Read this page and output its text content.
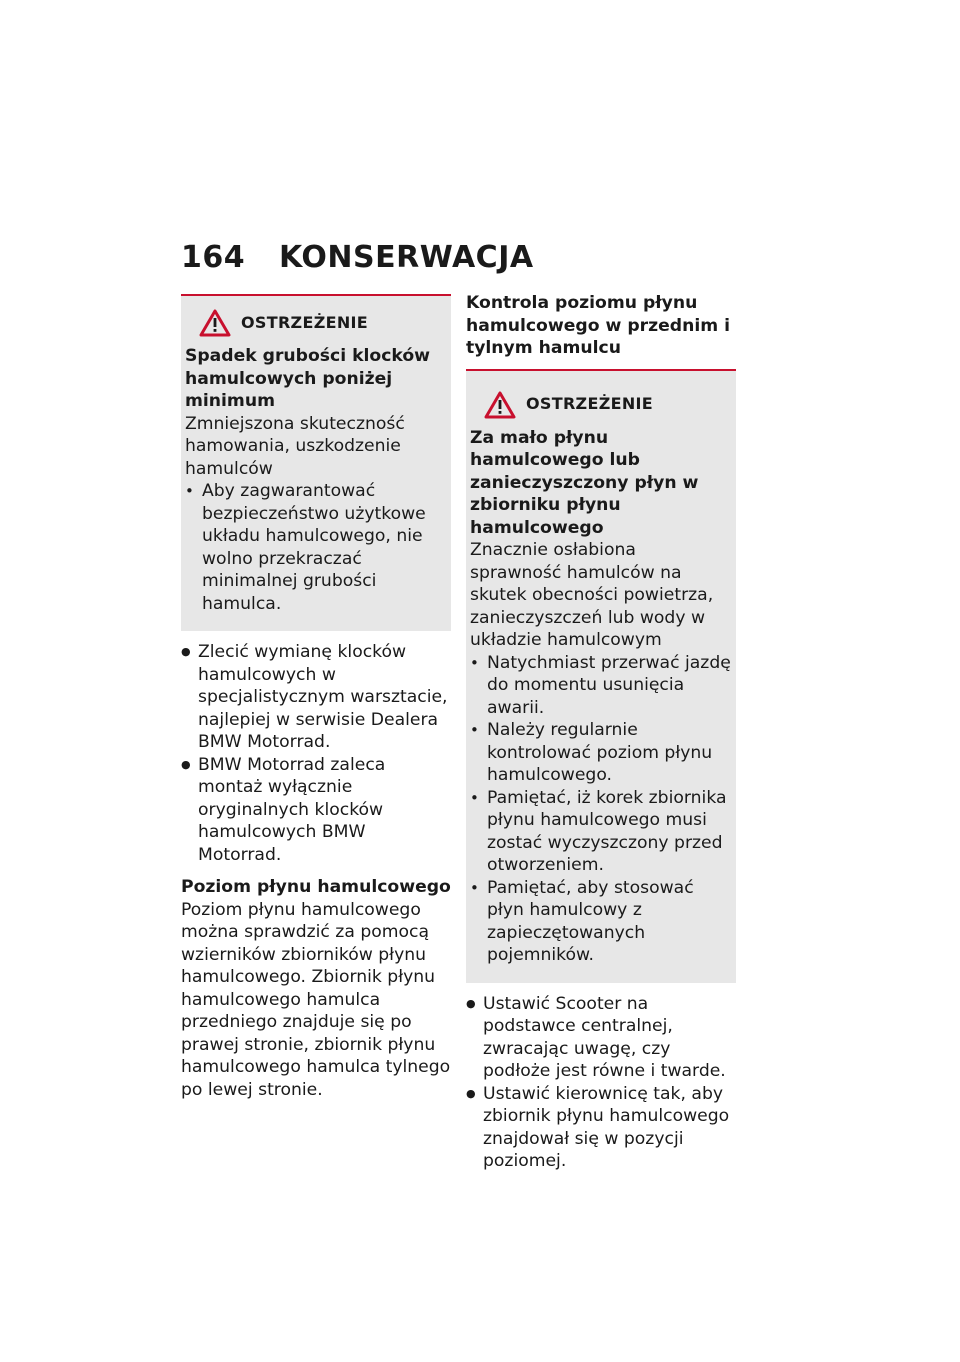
164	KONSERWACJA
OSTRZEŻENIE

Spadek grubości klocków hamulcowych poniżej minimum

Zmniejszona skuteczność hamowania, uszkodzenie hamulców

• Aby zagwarantować bezpieczeństwo użytkowe układu hamulcowego, nie wolno przekraczać minimalnej grubości hamulca.
● Zlecić wymianę klocków hamulcowych w specjalistycznym warsztacie, najlepiej w serwisie Dealera BMW Motorrad.
● BMW Motorrad zaleca montaż wyłącznie oryginalnych klocków hamulcowych BMW Motorrad.

Poziom płynu hamulcowego

Poziom płynu hamulcowego można sprawdzić za pomocą wzierników zbiorników płynu hamulcowego. Zbiornik płynu hamulcowego hamulca przedniego znajduje się po prawej stronie, zbiornik płynu hamulcowego hamulca tylnego po lewej stronie.

Kontrola poziomu płynu hamulcowego w przednim i tylnym hamulcu

OSTRZEŻENIE

Za mało płynu hamulcowego lub zanieczyszczony płyn w zbiorniku płynu hamulcowego

Znacznie osłabiona sprawność hamulców na skutek obecności powietrza, zanieczyszczeń lub wody w układzie hamulcowym

• Natychmiast przerwać jazdę do momentu usunięcia awarii.
• Należy regularnie kontrolować poziom płynu hamulcowego.
• Pamiętać, iż korek zbiornika płynu hamulcowego musi zostać wyczyszczony przed otworzeniem.
• Pamiętać, aby stosować płyn hamulcowy z zapieczętowanych pojemników.
● Ustawić Scooter na podstawce centralnej, zwracając uwagę, czy podłoże jest równe i twarde.
● Ustawić kierownicę tak, aby zbiornik płynu hamulcowego znajdował się w pozycji poziomej.
